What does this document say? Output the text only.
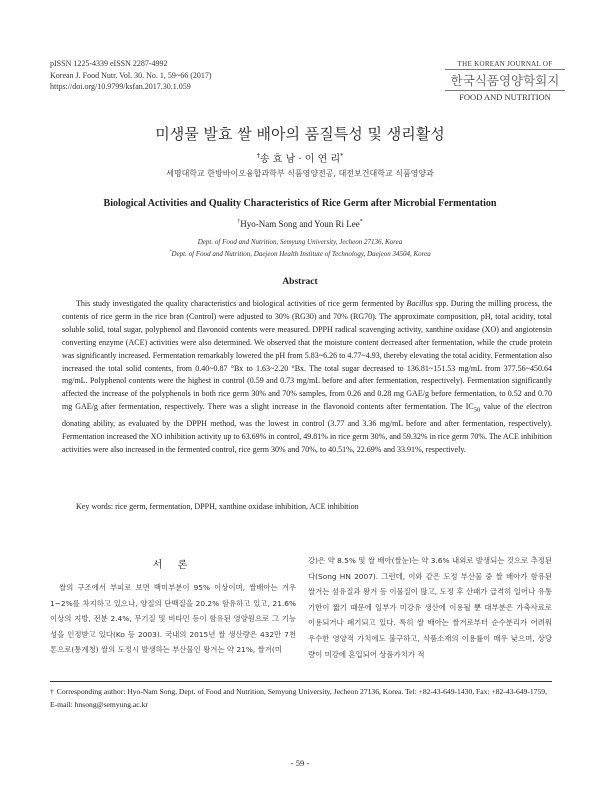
pISSN 1225-4339 eISSN 2287-4992
Korean J. Food Nutr. Vol. 30. No. 1, 59~66 (2017)
https://doi.org/10.9799/ksfan.2017.30.1.059
THE KOREAN JOURNAL OF
한국식품영양학회지
FOOD AND NUTRITION
미생물 발효 쌀 배아의 품질특성 및 생리활성
†송 효 남 · 이 연 리*
세명대학교 한방바이오융합과학부 식품영양전공, 대전보건대학교 식품영양과
Biological Activities and Quality Characteristics of Rice Germ after Microbial Fermentation
†Hyo-Nam Song and Youn Ri Lee*
Dept. of Food and Nutrition, Semyung University, Jecheon 27136, Korea
*Dept. of Food and Nutrition, Daejeon Health Institute of Technology, Daejeon 34504, Korea
Abstract

This study investigated the quality characteristics and biological activities of rice germ fermented by Bacillus spp. During the milling process, the contents of rice germ in the rice bran (Control) were adjusted to 30% (RG30) and 70% (RG70). The approximate composition, pH, total acidity, total soluble solid, total sugar, polyphenol and flavonoid contents were measured. DPPH radical scavenging activity, xanthine oxidase (XO) and angiotensin converting enzyme (ACE) activities were also determined. We observed that the moisture content decreased after fermentation, while the crude protein was significantly increased. Fermentation remarkably lowered the pH from 5.83~6.26 to 4.77~4.93, thereby elevating the total acidity. Fermentation also increased the total solid contents, from 0.40~0.87 °Bx to 1.63~2.20 °Bx. The total sugar decreased to 136.81~151.53 mg/mL from 377.56~450.64 mg/mL. Polyphenol contents were the highest in control (0.59 and 0.73 mg/mL before and after fermentation, respectively). Fermentation significantly affected the increase of the polyphenols in both rice germ 30% and 70% samples, from 0.26 and 0.28 mg GAE/g before fermentation, to 0.52 and 0.70 mg GAE/g after fermentation, respectively. There was a slight increase in the flavonoid contents after fermentation. The $IC_{50}$ value of the electron donating ability, as evaluated by the DPPH method, was the lowest in control (3.77 and 3.36 mg/mL before and after fermentation, respectively). Fermentation increased the XO inhibition activity up to 63.69% in control, 49.81% in rice germ 30%, and 59.32% in rice germ 70%. The ACE inhibition activities were also increased in the fermented control, rice germ 30% and 70%, to 40.51%, 22.69% and 33.91%, respectively.

Key words: rice germ, fermentation, DPPH, xanthine oxidase inhibition, ACE inhibition
서 론

쌀의 구조에서 부피로 보면 백미부분이 95% 이상이며, 쌀배아는 겨우 1~2%를 차지하고 있으나, 양질의 단백질을 20.2% 함유하고 있고, 21.6% 이상의 지방, 전분 2.4%, 무기질 및 비타민 등이 함유된 영양원으로 그 기능성을 인정받고 있다(Ko 등 2003). 국내의 2015년 쌀 생산량은 432만 7천톤으로(통계청) 쌀의 도정시 발생하는 부산물인 왕겨는 약 21%, 쌀겨(미

강)은 약 8.5% 및 쌀 배아(쌀눈)는 약 3.6% 내외로 발생되는 것으로 추정된다(Song HN 2007). 그런데, 이와 같은 도정 부산물 중 쌀 배아가 함유된 쌀겨는 섬유질과 왕겨 등 이물질이 많고, 도정 후 산패가 급격히 일어나 유통기한이 짧기 때문에 일부가 미강유 생산에 이용될 뿐 대부분은 가축사료로 이용되거나 폐기되고 있다. 특히 쌀 배아는 쌀겨로부터 순수분리가 어려워 우수한 영양적 가치에도 불구하고, 식품소재의 이용률이 매우 낮으며, 상당량이 미강에 혼입되어 상품가치가 적

† Corresponding author: Hyo-Nam Song, Dept. of Food and Nutrition, Semyung University, Jecheon 27136, Korea. Tel: +82-43-649-1430, Fax: +82-43-649-1759, E-mail: hnsong@semyung.ac.kr
- 59 -
